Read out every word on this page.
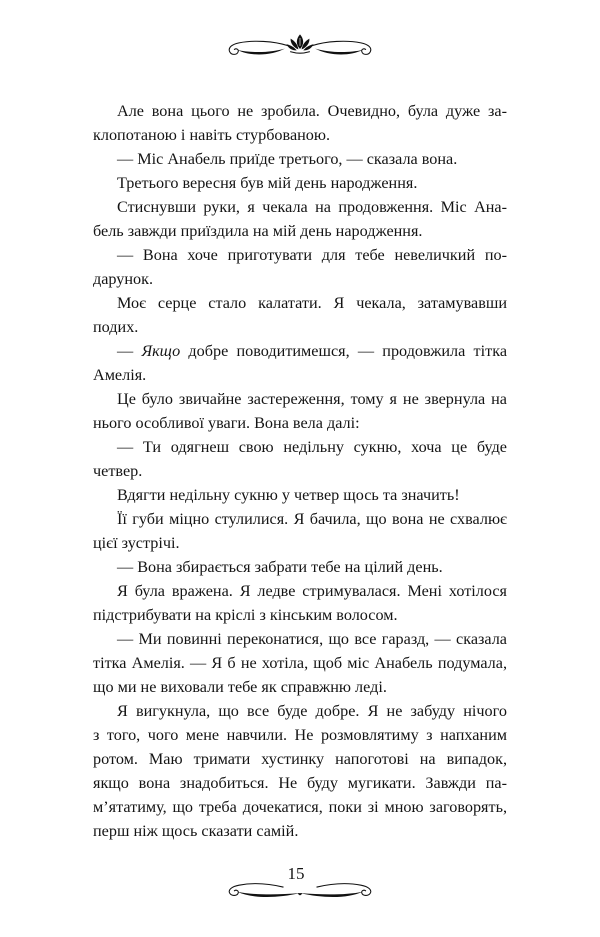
Але вона цього не зробила. Очевидно, була дуже за-
клопотаною і навіть стурбованою.
— Міс Анабель приїде третього, — сказала вона.
Третього вересня був мій день народження.
Стиснувши руки, я чекала на продовження. Міс Ана-
бель завжди приїздила на мій день народження.
— Вона хоче приготувати для тебе невеличкий по-
дарунок.
Моє серце стало калатати. Я чекала, затамувавши
подих.
— Якщо добре поводитимешся, — продовжила тітка
Амелія.
Це було звичайне застереження, тому я не звернула на
нього особливої уваги. Вона вела далі:
— Ти одягнеш свою недільну сукню, хоча це буде
четвер.
Вдягти недільну сукню у четвер щось та значить!
Її губи міцно стулилися. Я бачила, що вона не схвалює
цієї зустрічі.
— Вона збирається забрати тебе на цілий день.
Я була вражена. Я ледве стримувалася. Мені хотілося
підстрибувати на кріслі з кінським волосом.
— Ми повинні переконатися, що все гаразд, — сказала
тітка Амелія. — Я б не хотіла, щоб міс Анабель подумала,
що ми не виховали тебе як справжню леді.
Я вигукнула, що все буде добре. Я не забуду нічого
з того, чого мене навчили. Не розмовлятиму з напханим
ротом. Маю тримати хустинку напоготові на випадок,
якщо вона знадобиться. Не буду мугикати. Завжди па-
м’ятатиму, що треба дочекатися, поки зі мною заговорять,
перш ніж щось сказати самій.
15
